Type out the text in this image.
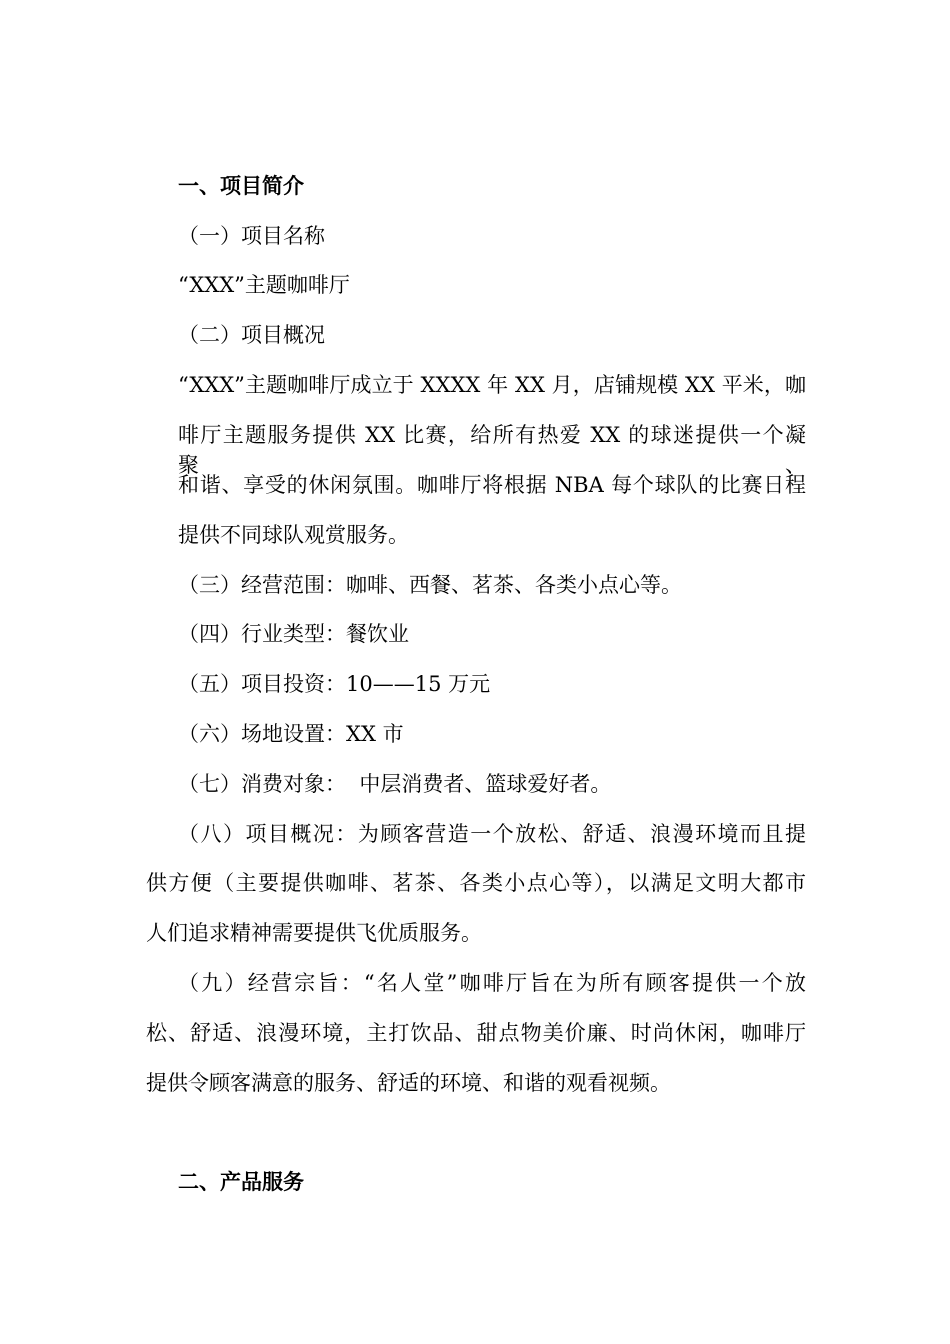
一、项目简介
（一）项目名称
“XXX”主题咖啡厅
（二）项目概况
“XXX”主题咖啡厅成立于 XXXX 年 XX 月，店铺规模 XX 平米，咖
啡厅主题服务提供 XX 比赛，给所有热爱 XX 的球迷提供一个凝聚、
和谐、享受的休闲氛围。咖啡厅将根据 NBA 每个球队的比赛日程
提供不同球队观赏服务。
（三）经营范围：咖啡、西餐、茗茶、各类小点心等。
（四）行业类型：餐饮业
（五）项目投资：10——15 万元
（六）场地设置：XX 市
（七）消费对象：  中层消费者、篮球爱好者。
（八）项目概况：为顾客营造一个放松、舒适、浪漫环境而且提
供方便（主要提供咖啡、茗茶、各类小点心等），以满足文明大都市
人们追求精神需要提供飞优质服务。
（九）经营宗旨：“名人堂”咖啡厅旨在为所有顾客提供一个放
松、舒适、浪漫环境，主打饮品、甜点物美价廉、时尚休闲，咖啡厅
提供令顾客满意的服务、舒适的环境、和谐的观看视频。
二、产品服务
